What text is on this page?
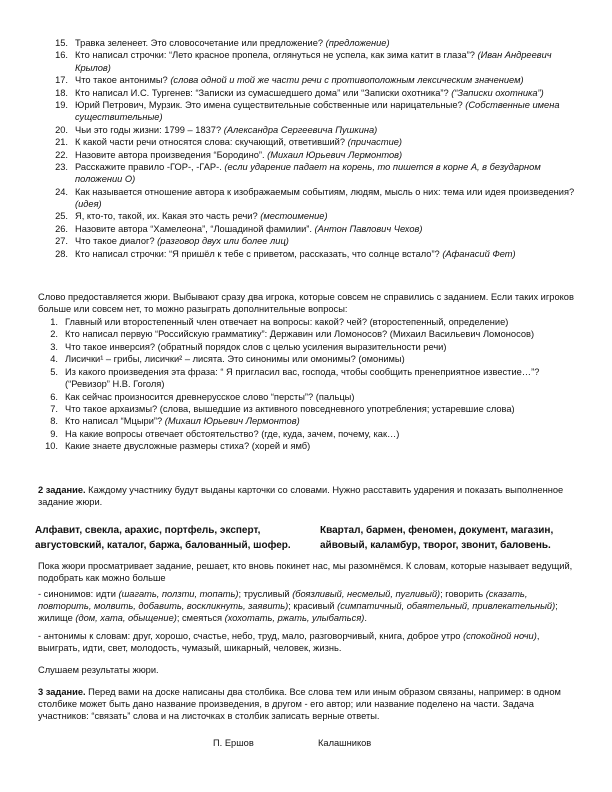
15. Травка зеленеет. Это словосочетание или предложение? (предложение)
16. Кто написал строчки: “Лето красное пропела, оглянуться не успела, как зима катит в глаза”? (Иван Андреевич Крылов)
17. Что такое антонимы? (слова одной и той же части речи с противоположным лексическим значением)
18. Кто написал И.С. Тургенев: “Записки из сумасшедшего дома” или “Записки охотника”? (“Записки охотника”)
19. Юрий Петрович, Мурзик. Это имена существительные собственные или нарицательные? (Собственные имена существительные)
20. Чьи это годы жизни: 1799 – 1837? (Александра Сергеевича Пушкина)
21. К какой части речи относятся слова: скучающий, ответивший? (причастие)
22. Назовите автора произведения “Бородино”. (Михаил Юрьевич Лермонтов)
23. Расскажите правило -ГОР-, -ГАР-. (если ударение падает на корень, то пишется в корне А, в безударном положении О)
24. Как называется отношение автора к изображаемым событиям, людям, мысль о них: тема или идея произведения? (идея)
25. Я, кто-то, такой, их. Какая это часть речи? (местоимение)
26. Назовите автора “Хамелеона”, “Лошадиной фамилии”. (Антон Павлович Чехов)
27. Что такое диалог? (разговор двух или более лиц)
28. Кто написал строчки: “Я пришёл к тебе с приветом, рассказать, что солнце встало”? (Афанасий Фет)

Слово предоставляется жюри. Выбывают сразу два игрока, которые совсем не справились с заданием. Если таких игроков больше или совсем нет, то можно разыграть дополнительные вопросы:

1. Главный или второстепенный член отвечает на вопросы: какой? чей? (второстепенный, определение)
2. Кто написал первую “Российскую грамматику”: Державин или Ломоносов? (Михаил Васильевич Ломоносов)
3. Что такое инверсия? (обратный порядок слов с целью усиления выразительности речи)
4. Лисички¹ – грибы, лисички² – лисята. Это синонимы или омонимы? (омонимы)
5. Из какого произведения эта фраза: “ Я пригласил вас, господа, чтобы сообщить пренеприятное известие…”? (“Ревизор” Н.В. Гоголя)
6. Как сейчас произносится древнерусское слово “персты”? (пальцы)
7. Что такое архаизмы? (слова, вышедшие из активного повседневного употребления; устаревшие слова)
8. Кто написал “Мцыри”? (Михаил Юрьевич Лермонтов)
9. На какие вопросы отвечает обстоятельство? (где, куда, зачем, почему, как…)
10. Какие знаете двусложные размеры стиха? (хорей и ямб)

2 задание. Каждому участнику будут выданы карточки со словами. Нужно расставить ударения и показать выполненное задание жюри.

Алфавит, свекла, арахис, портфель, эксперт,
августовский, каталог, баржа, балованный, шофер.
Квартал, бармен, феномен, документ, магазин,
айвовый, каламбур, творог, звонит, баловень.

Пока жюри просматривает задание, решает, кто вновь покинет нас, мы разомнёмся. К словам, которые называет ведущий, подобрать как можно больше

- синонимов: идти (шагать, ползти, топать); трусливый (боязливый, несмелый, пугливый); говорить (сказать, повторить, молвить, добавить, воскликнуть, заявить); красивый (симпатичный, обаятельный, привлекательный); жилище (дом, хата, обыщение); смеяться (хохотать, ржать, улыбаться).

- антонимы к словам: друг, хорошо, счастье, небо, труд, мало, разговорчивый, книга, доброе утро (спокойной ночи), выиграть, идти, свет, молодость, чумазый, шикарный, человек, жизнь.

Слушаем результаты жюри.

3 задание. Перед вами на доске написаны два столбика. Все слова тем или иным образом связаны, например: в одном столбике может быть дано название произведения, в другом - его автор; или название поделено на части. Задача участников: “связать” слова и на листочках в столбик записать верные ответы.

П. Ершов	Калашников
